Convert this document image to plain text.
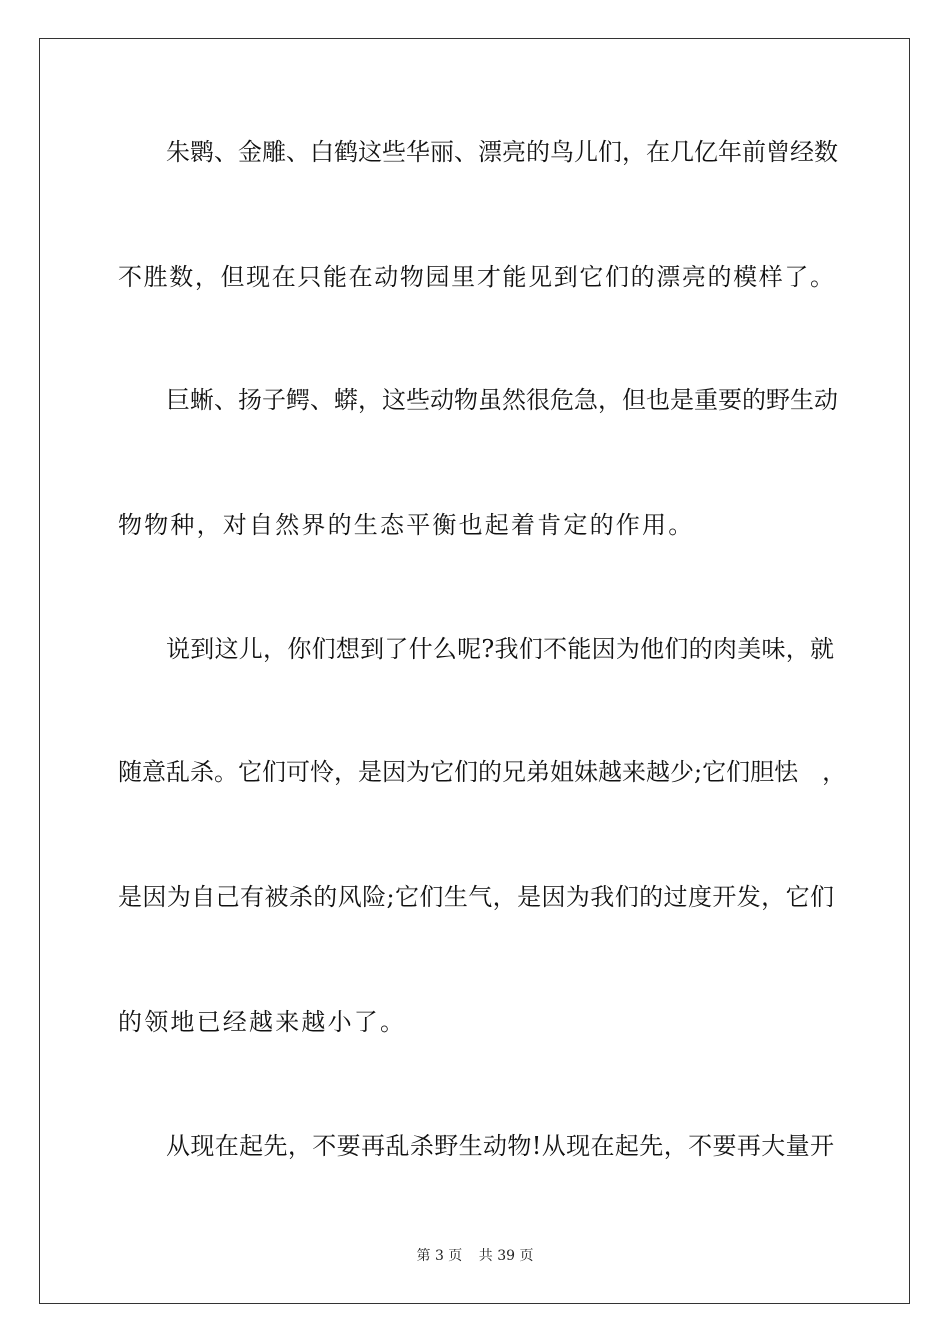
朱鹮、金雕、白鹤这些华丽、漂亮的鸟儿们，在几亿年前曾经数
不胜数，但现在只能在动物园里才能见到它们的漂亮的模样了。
巨蜥、扬子鳄、蟒，这些动物虽然很危急，但也是重要的野生动
物物种，对自然界的生态平衡也起着肯定的作用。
说到这儿，你们想到了什么呢?我们不能因为他们的肉美味，就
随意乱杀。它们可怜，是因为它们的兄弟姐妹越来越少;它们胆怯　，
是因为自己有被杀的风险;它们生气，是因为我们的过度开发，它们
的领地已经越来越小了。
从现在起先，不要再乱杀野生动物!从现在起先，不要再大量开
第 3 页 共 39 页
